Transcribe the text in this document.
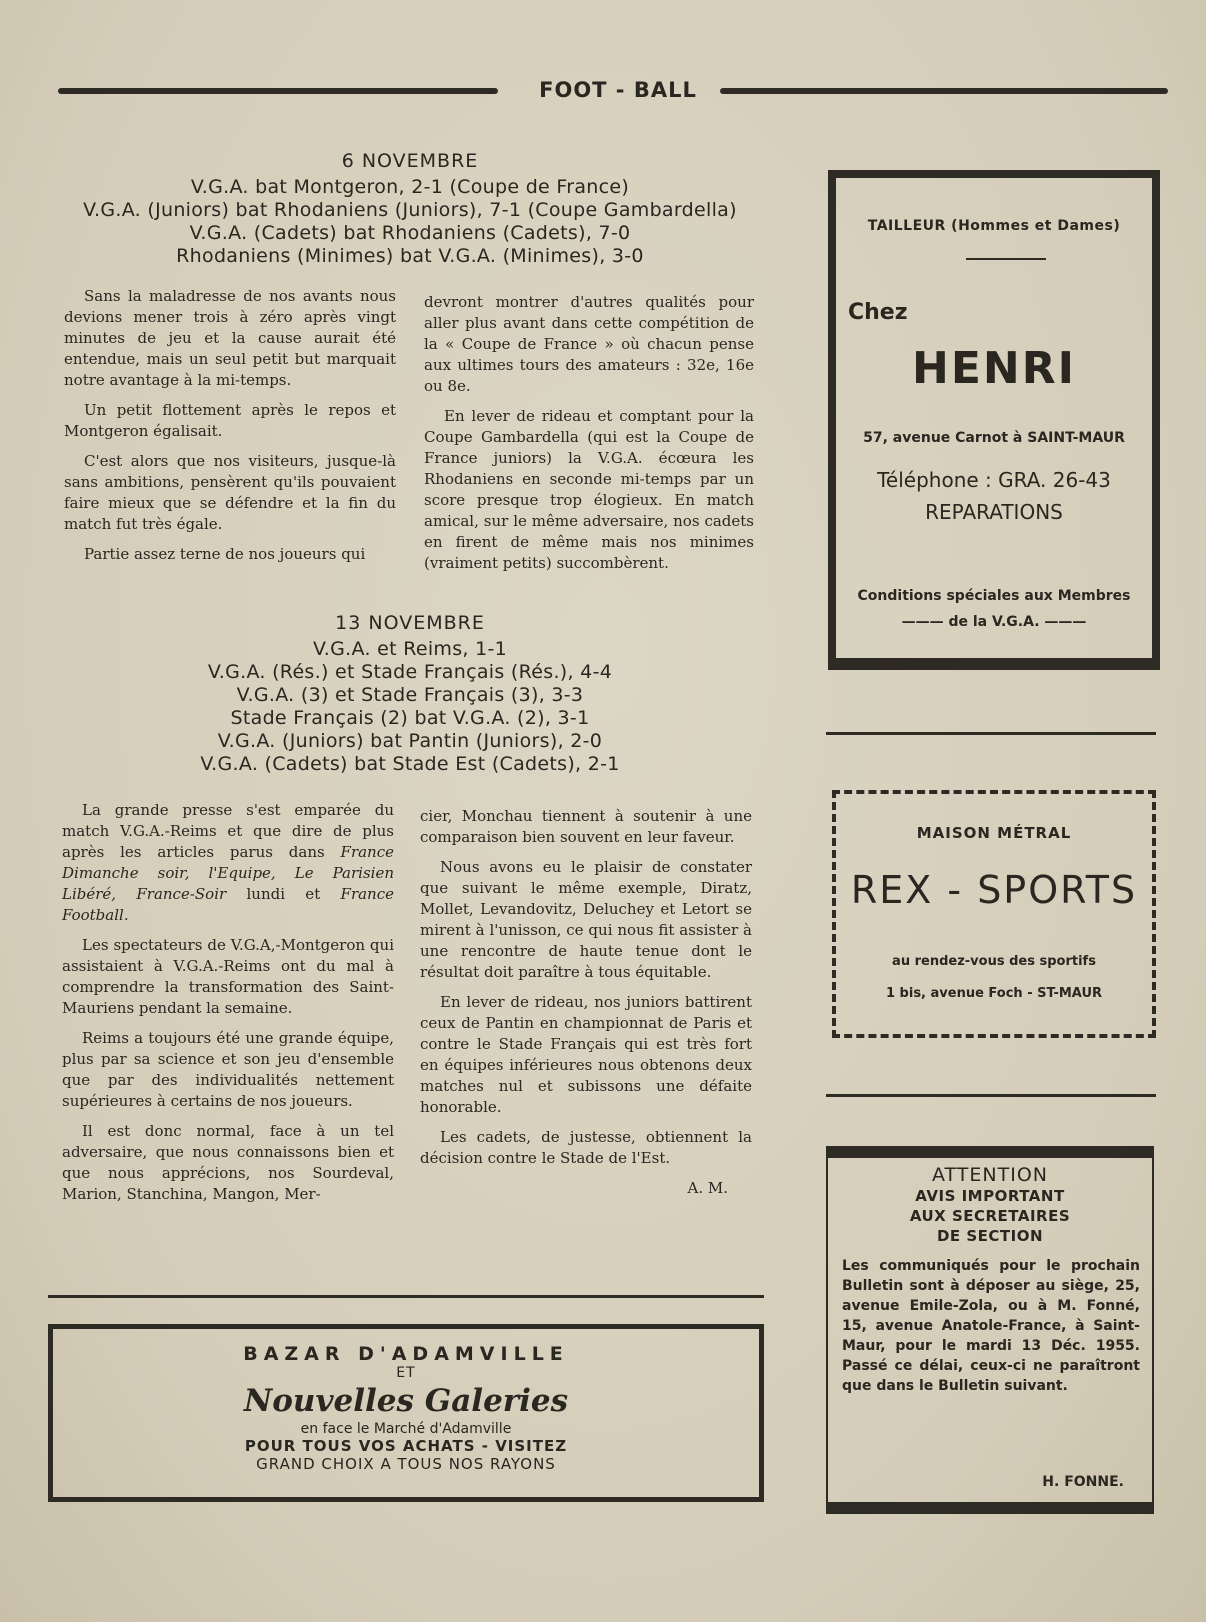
FOOT - BALL
6 NOVEMBRE
V.G.A. bat Montgeron, 2-1 (Coupe de France)
V.G.A. (Juniors) bat Rhodaniens (Juniors), 7-1 (Coupe Gambardella)
V.G.A. (Cadets) bat Rhodaniens (Cadets), 7-0
Rhodaniens (Minimes) bat V.G.A. (Minimes), 3-0

Sans la maladresse de nos avants nous devions mener trois à zéro après vingt minutes de jeu et la cause aurait été entendue, mais un seul petit but marquait notre avantage à la mi-temps.

Un petit flottement après le repos et Montgeron égalisait.

C'est alors que nos visiteurs, jusque-là sans ambitions, pensèrent qu'ils pouvaient faire mieux que se défendre et la fin du match fut très égale.

Partie assez terne de nos joueurs qui

devront montrer d'autres qualités pour aller plus avant dans cette compétition de la « Coupe de France » où chacun pense aux ultimes tours des amateurs : 32e, 16e ou 8e.

En lever de rideau et comptant pour la Coupe Gambardella (qui est la Coupe de France juniors) la V.G.A. écœura les Rhodaniens en seconde mi-temps par un score presque trop élogieux. En match amical, sur le même adversaire, nos cadets en firent de même mais nos minimes (vraiment petits) succombèrent.

13 NOVEMBRE
V.G.A. et Reims, 1-1
V.G.A. (Rés.) et Stade Français (Rés.), 4-4
V.G.A. (3) et Stade Français (3), 3-3
Stade Français (2) bat V.G.A. (2), 3-1
V.G.A. (Juniors) bat Pantin (Juniors), 2-0
V.G.A. (Cadets) bat Stade Est (Cadets), 2-1

La grande presse s'est emparée du match V.G.A.-Reims et que dire de plus après les articles parus dans France Dimanche soir, l'Equipe, Le Parisien Libéré, France-Soir lundi et France Football.

Les spectateurs de V.G.A,-Montgeron qui assistaient à V.G.A.-Reims ont du mal à comprendre la transformation des Saint-Mauriens pendant la semaine.

Reims a toujours été une grande équipe, plus par sa science et son jeu d'ensemble que par des individualités nettement supérieures à certains de nos joueurs.

Il est donc normal, face à un tel adversaire, que nous connaissons bien et que nous apprécions, nos Sourdeval, Marion, Stanchina, Mangon, Mer-

cier, Monchau tiennent à soutenir à une comparaison bien souvent en leur faveur.

Nous avons eu le plaisir de constater que suivant le même exemple, Diratz, Mollet, Levandovitz, Deluchey et Letort se mirent à l'unisson, ce qui nous fit assister à une rencontre de haute tenue dont le résultat doit paraître à tous équitable.

En lever de rideau, nos juniors battirent ceux de Pantin en championnat de Paris et contre le Stade Français qui est très fort en équipes inférieures nous obtenons deux matches nul et subissons une défaite honorable.

Les cadets, de justesse, obtiennent la décision contre le Stade de l'Est.

A. M.

TAILLEUR (Hommes et Dames)
Chez
HENRI
57, avenue Carnot à SAINT-MAUR
Téléphone : GRA. 26-43
REPARATIONS
Conditions spéciales aux Membres
——— de la V.G.A. ———
MAISON MÉTRAL
REX - SPORTS
au rendez-vous des sportifs
1 bis, avenue Foch - ST-MAUR
ATTENTION
AVIS IMPORTANT
AUX SECRETAIRES
DE SECTION
Les communiqués pour le prochain Bulletin sont à déposer au siège, 25, avenue Emile-Zola, ou à M. Fonné, 15, avenue Anatole-France, à Saint-Maur, pour le mardi 13 Déc. 1955. Passé ce délai, ceux-ci ne paraîtront que dans le Bulletin suivant.
H. FONNE.
BAZAR D'ADAMVILLE
ET
Nouvelles Galeries
en face le Marché d'Adamville
POUR TOUS VOS ACHATS - VISITEZ
GRAND CHOIX A TOUS NOS RAYONS
